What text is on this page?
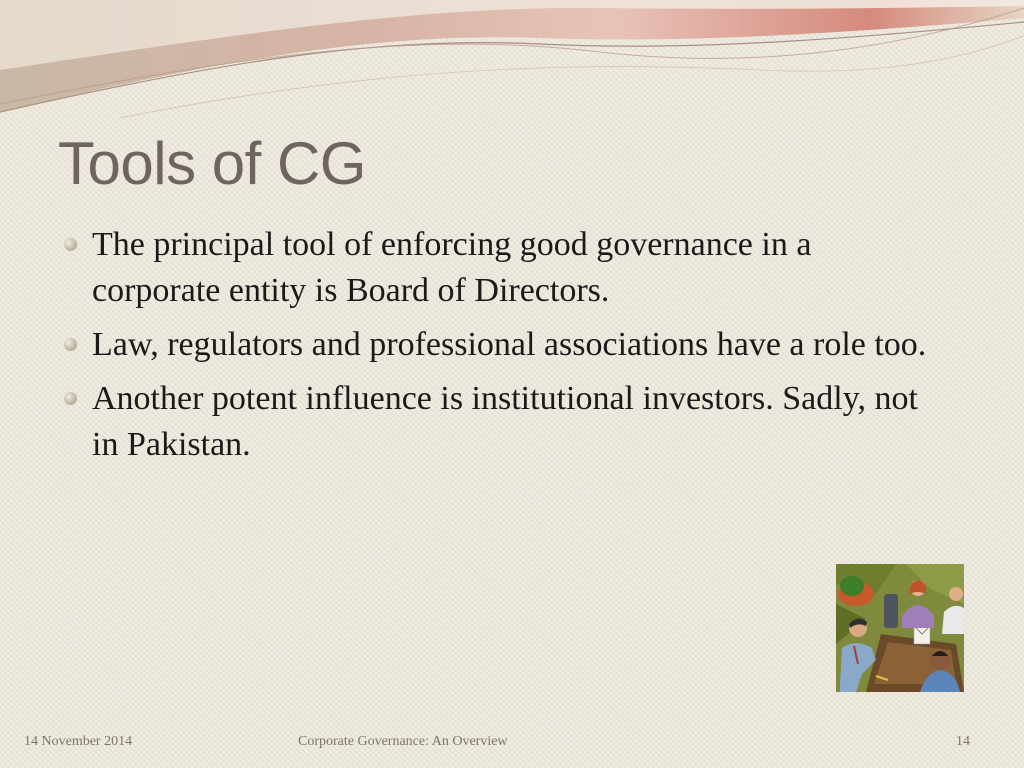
Tools of CG
The principal tool of enforcing good governance in a corporate entity is Board of Directors.
Law, regulators and professional associations have a role too.
Another potent influence is institutional investors. Sadly, not in Pakistan.
14 November 2014	Corporate Governance: An Overview	14
